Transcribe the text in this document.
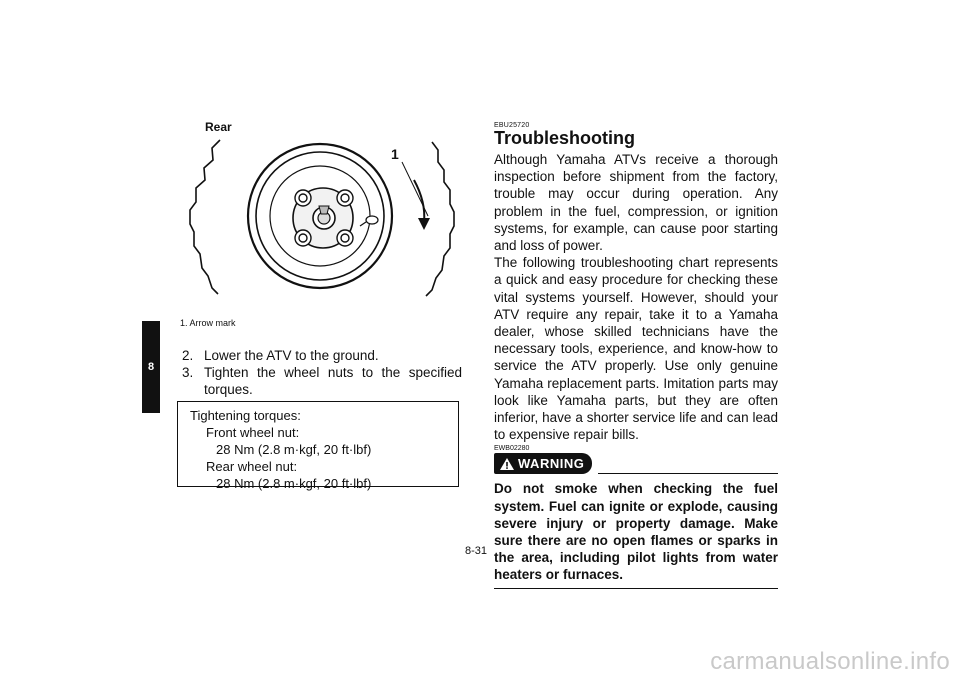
8
Rear
1
1. Arrow mark
2. Lower the ATV to the ground.
3. Tighten the wheel nuts to the specified torques.
Tightening torques:
Front wheel nut:
28 Nm (2.8 m·kgf, 20 ft·lbf)
Rear wheel nut:
28 Nm (2.8 m·kgf, 20 ft·lbf)
EBU25720
Troubleshooting

Although Yamaha ATVs receive a thorough inspection before shipment from the factory, trouble may occur during operation. Any problem in the fuel, compression, or ignition systems, for example, can cause poor starting and loss of power.

The following troubleshooting chart represents a quick and easy procedure for checking these vital systems yourself. However, should your ATV require any repair, take it to a Yamaha dealer, whose skilled technicians have the necessary tools, experience, and know-how to service the ATV properly. Use only genuine Yamaha replacement parts. Imitation parts may look like Yamaha parts, but they are often inferior, have a shorter service life and can lead to expensive repair bills.

EWB02280
WARNING

Do not smoke when checking the fuel system. Fuel can ignite or explode, causing severe injury or property damage. Make sure there are no open flames or sparks in the area, including pilot lights from water heaters or furnaces.

8-31
carmanualsonline.info
